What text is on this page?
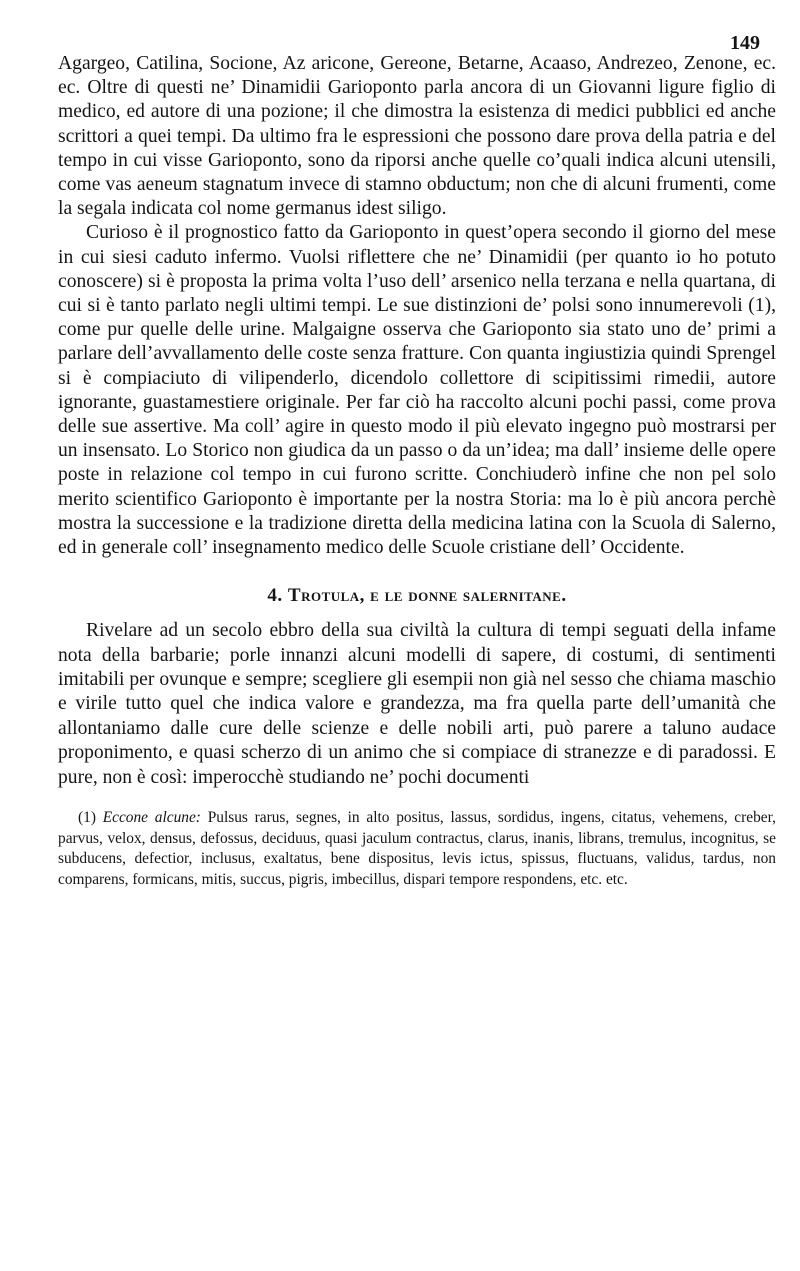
149

Agargeo, Catilina, Socione, Az aricone, Gereone, Betarne, Acaaso, Andrezeo, Zenone, ec. ec. Oltre di questi ne’ Dinamidii Garioponto parla ancora di un Giovanni ligure figlio di medico, ed autore di una pozione; il che dimostra la esistenza di medici pubblici ed anche scrittori a quei tempi. Da ultimo fra le espressioni che possono dare prova della patria e del tempo in cui visse Garioponto, sono da riporsi anche quelle co’quali indica alcuni utensili, come vas aeneum stagnatum invece di stamno obductum; non che di alcuni frumenti, come la segala indicata col nome germanus idest siligo.

Curioso è il prognostico fatto da Garioponto in quest’opera secondo il giorno del mese in cui siesi caduto infermo. Vuolsi riflettere che ne’ Dinamidii (per quanto io ho potuto conoscere) si è proposta la prima volta l’uso dell’ arsenico nella terzana e nella quartana, di cui si è tanto parlato negli ultimi tempi. Le sue distinzioni de’ polsi sono innumerevoli (1), come pur quelle delle urine. Malgaigne osserva che Garioponto sia stato uno de’ primi a parlare dell’avvallamento delle coste senza fratture. Con quanta ingiustizia quindi Sprengel si è compiaciuto di vilipenderlo, dicendolo collettore di scipitissimi rimedii, autore ignorante, guastamestiere originale. Per far ciò ha raccolto alcuni pochi passi, come prova delle sue assertive. Ma coll’ agire in questo modo il più elevato ingegno può mostrarsi per un insensato. Lo Storico non giudica da un passo o da un’idea; ma dall’ insieme delle opere poste in relazione col tempo in cui furono scritte. Conchiuderò infine che non pel solo merito scientifico Garioponto è importante per la nostra Storia: ma lo è più ancora perchè mostra la successione e la tradizione diretta della medicina latina con la Scuola di Salerno, ed in generale coll’ insegnamento medico delle Scuole cristiane dell’ Occidente.

4. Trotula, e le donne salernitane.

Rivelare ad un secolo ebbro della sua civiltà la cultura di tempi seguati della infame nota della barbarie; porle innanzi alcuni modelli di sapere, di costumi, di sentimenti imitabili per ovunque e sempre; scegliere gli esempii non già nel sesso che chiama maschio e virile tutto quel che indica valore e grandezza, ma fra quella parte dell’umanità che allontaniamo dalle cure delle scienze e delle nobili arti, può parere a taluno audace proponimento, e quasi scherzo di un animo che si compiace di stranezze e di paradossi. E pure, non è così: imperocchè studiando ne’ pochi documenti

(1) Eccone alcune: Pulsus rarus, segnes, in alto positus, lassus, sordidus, ingens, citatus, vehemens, creber, parvus, velox, densus, defossus, deciduus, quasi jaculum contractus, clarus, inanis, librans, tremulus, incognitus, se subducens, defectior, inclusus, exaltatus, bene dispositus, levis ictus, spissus, fluctuans, validus, tardus, non comparens, formicans, mitis, succus, pigris, imbecillus, dispari tempore respondens, etc. etc.
